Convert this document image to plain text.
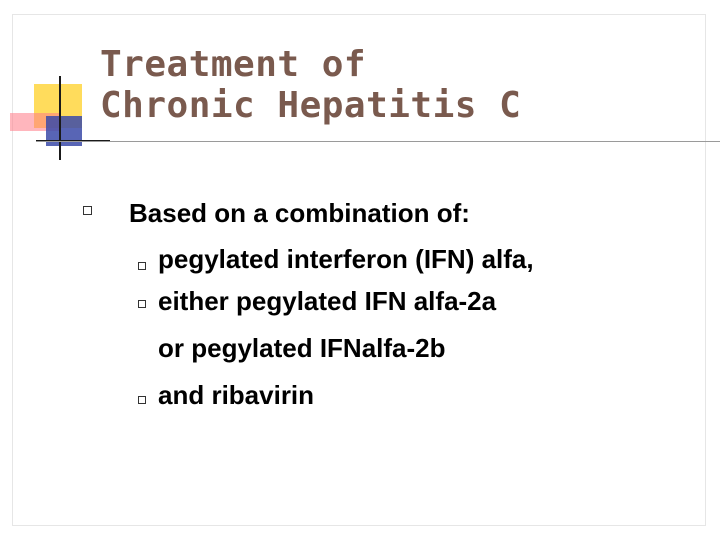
Treatment of
Chronic Hepatitis C
Based on a combination of:
pegylated interferon (IFN) alfa,
either pegylated IFN alfa-2a
or pegylated IFNalfa-2b
and ribavirin
